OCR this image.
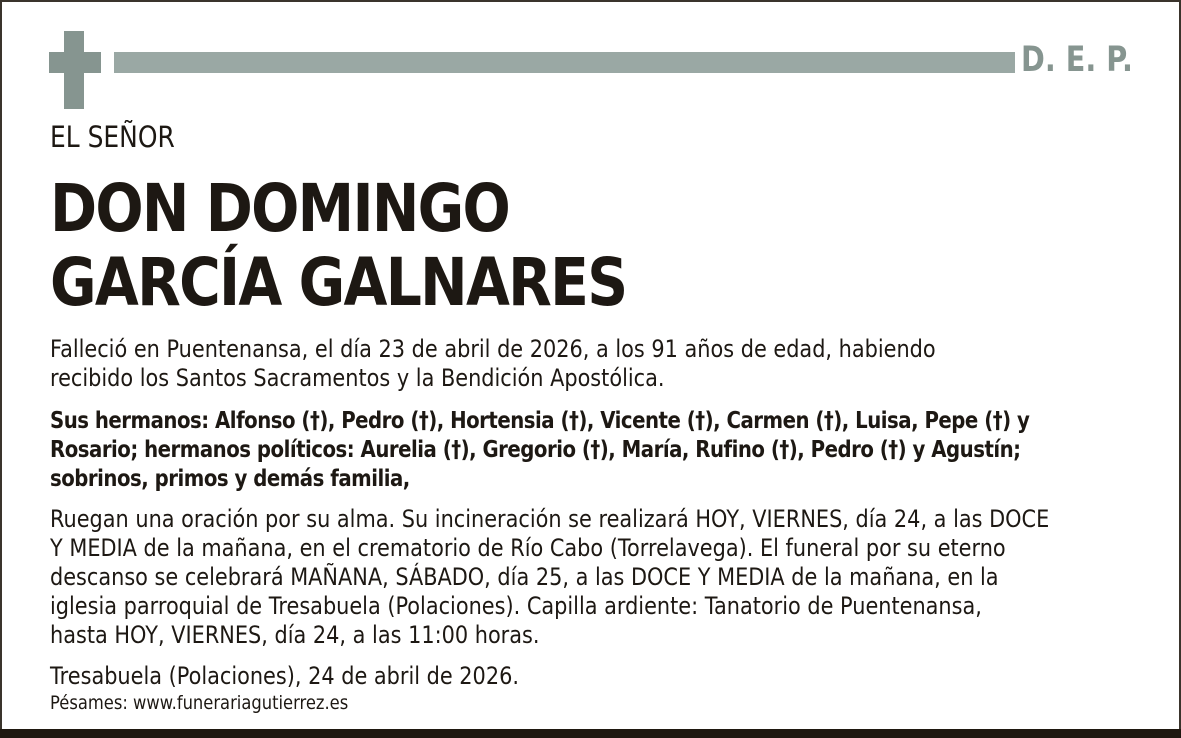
D. E. P.
EL SEÑOR
DON DOMINGO
GARCÍA GALNARES
Falleció en Puentenansa, el día 23 de abril de 2026, a los 91 años de edad, habiendo
recibido los Santos Sacramentos y la Bendición Apostólica.
Sus hermanos: Alfonso (†), Pedro (†), Hortensia (†), Vicente (†), Carmen (†), Luisa, Pepe (†) y
Rosario; hermanos políticos: Aurelia (†), Gregorio (†), María, Rufino (†), Pedro (†) y Agustín;
sobrinos, primos y demás familia,
Ruegan una oración por su alma. Su incineración se realizará HOY, VIERNES, día 24, a las DOCE
Y MEDIA de la mañana, en el crematorio de Río Cabo (Torrelavega). El funeral por su eterno
descanso se celebrará MAÑANA, SÁBADO, día 25, a las DOCE Y MEDIA de la mañana, en la
iglesia parroquial de Tresabuela (Polaciones). Capilla ardiente: Tanatorio de Puentenansa,
hasta HOY, VIERNES, día 24, a las 11:00 horas.
Tresabuela (Polaciones), 24 de abril de 2026.
Pésames: www.funerariagutierrez.es
